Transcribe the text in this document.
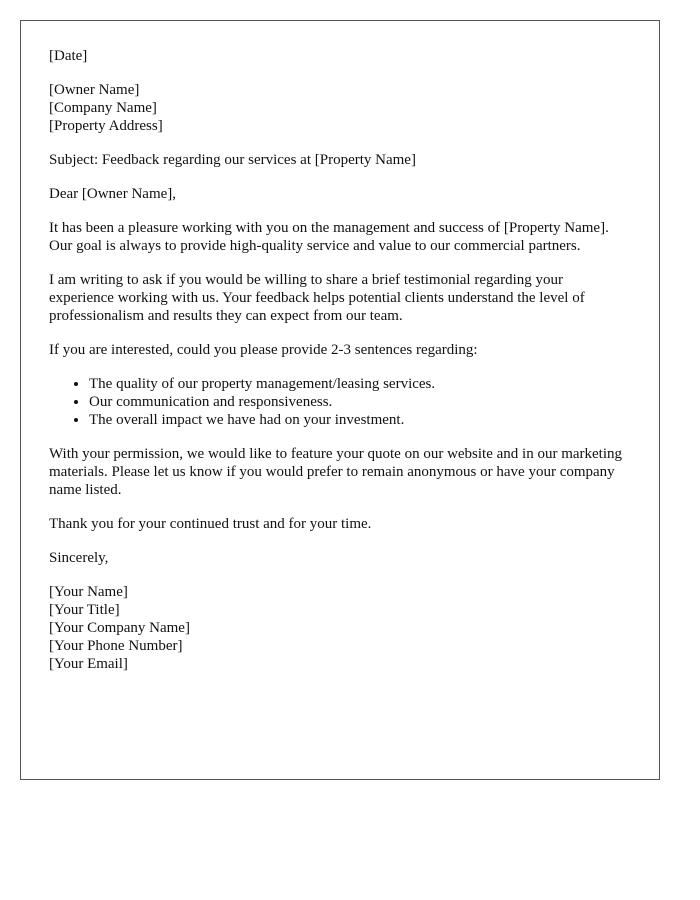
[Date]

[Owner Name]
[Company Name]
[Property Address]

Subject: Feedback regarding our services at [Property Name]

Dear [Owner Name],

It has been a pleasure working with you on the management and success of [Property Name]. Our goal is always to provide high-quality service and value to our commercial partners.

I am writing to ask if you would be willing to share a brief testimonial regarding your experience working with us. Your feedback helps potential clients understand the level of professionalism and results they can expect from our team.

If you are interested, could you please provide 2-3 sentences regarding:

• The quality of our property management/leasing services.
• Our communication and responsiveness.
• The overall impact we have had on your investment.

With your permission, we would like to feature your quote on our website and in our marketing materials. Please let us know if you would prefer to remain anonymous or have your company name listed.

Thank you for your continued trust and for your time.

Sincerely,

[Your Name]
[Your Title]
[Your Company Name]
[Your Phone Number]
[Your Email]
